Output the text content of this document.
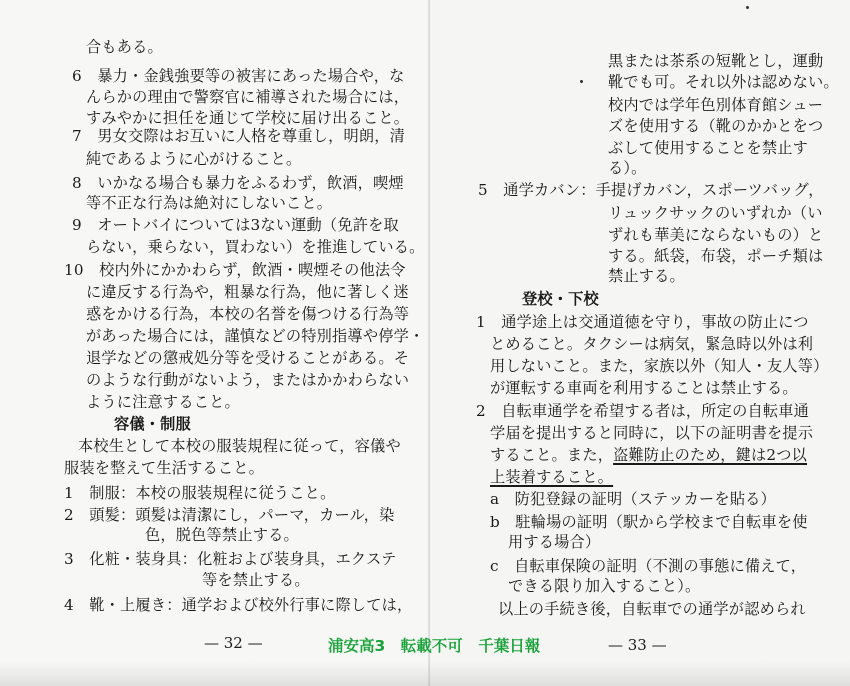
合もある。
6　暴力・金銭強要等の被害にあった場合や，な
んらかの理由で警察官に補導された場合には，
すみやかに担任を通じて学校に届け出ること。
7　男女交際はお互いに人格を尊重し，明朗，清
純であるように心がけること。
8　いかなる場合も暴力をふるわず，飲酒，喫煙
等不正な行為は絶対にしないこと。
9　オートバイについては3ない運動（免許を取
らない，乗らない，買わない）を推進している。
10　校内外にかかわらず，飲酒・喫煙その他法令
に違反する行為や，粗暴な行為，他に著しく迷
惑をかける行為，本校の名誉を傷つける行為等
があった場合には，謹慎などの特別指導や停学・
退学などの懲戒処分等を受けることがある。そ
のような行動がないよう，またはかかわらない
ように注意すること。
容儀・制服
本校生として本校の服装規程に従って，容儀や
服装を整えて生活すること。
1　制服：本校の服装規程に従うこと。
2　頭髪：頭髪は清潔にし，パーマ，カール，染
色，脱色等禁止する。
3　化粧・装身具：化粧および装身具，エクステ
等を禁止する。
4　靴・上履き：通学および校外行事に際しては，
— 32 —
黒または茶系の短靴とし，運動
靴でも可。それ以外は認めない。
校内では学年色別体育館シュー
ズを使用する（靴のかかとをつ
ぶして使用することを禁止す
る）。
5　通学カバン：手提げカバン，スポーツバッグ，
リュックサックのいずれか（い
ずれも華美にならないもの）と
する。紙袋，布袋，ポーチ類は
禁止する。
登校・下校
1　通学途上は交通道徳を守り，事故の防止につ
とめること。タクシーは病気，緊急時以外は利
用しないこと。また，家族以外（知人・友人等）
が運転する車両を利用することは禁止する。
2　自転車通学を希望する者は，所定の自転車通
学届を提出すると同時に，以下の証明書を提示
すること。また，盗難防止のため，鍵は2つ以
上装着すること。
a　防犯登録の証明（ステッカーを貼る）
b　駐輪場の証明（駅から学校まで自転車を使
用する場合）
c　自転車保険の証明（不測の事態に備えて，
できる限り加入すること）。
以上の手続き後，自転車での通学が認められ
— 33 —
浦安高3　転載不可　千葉日報
